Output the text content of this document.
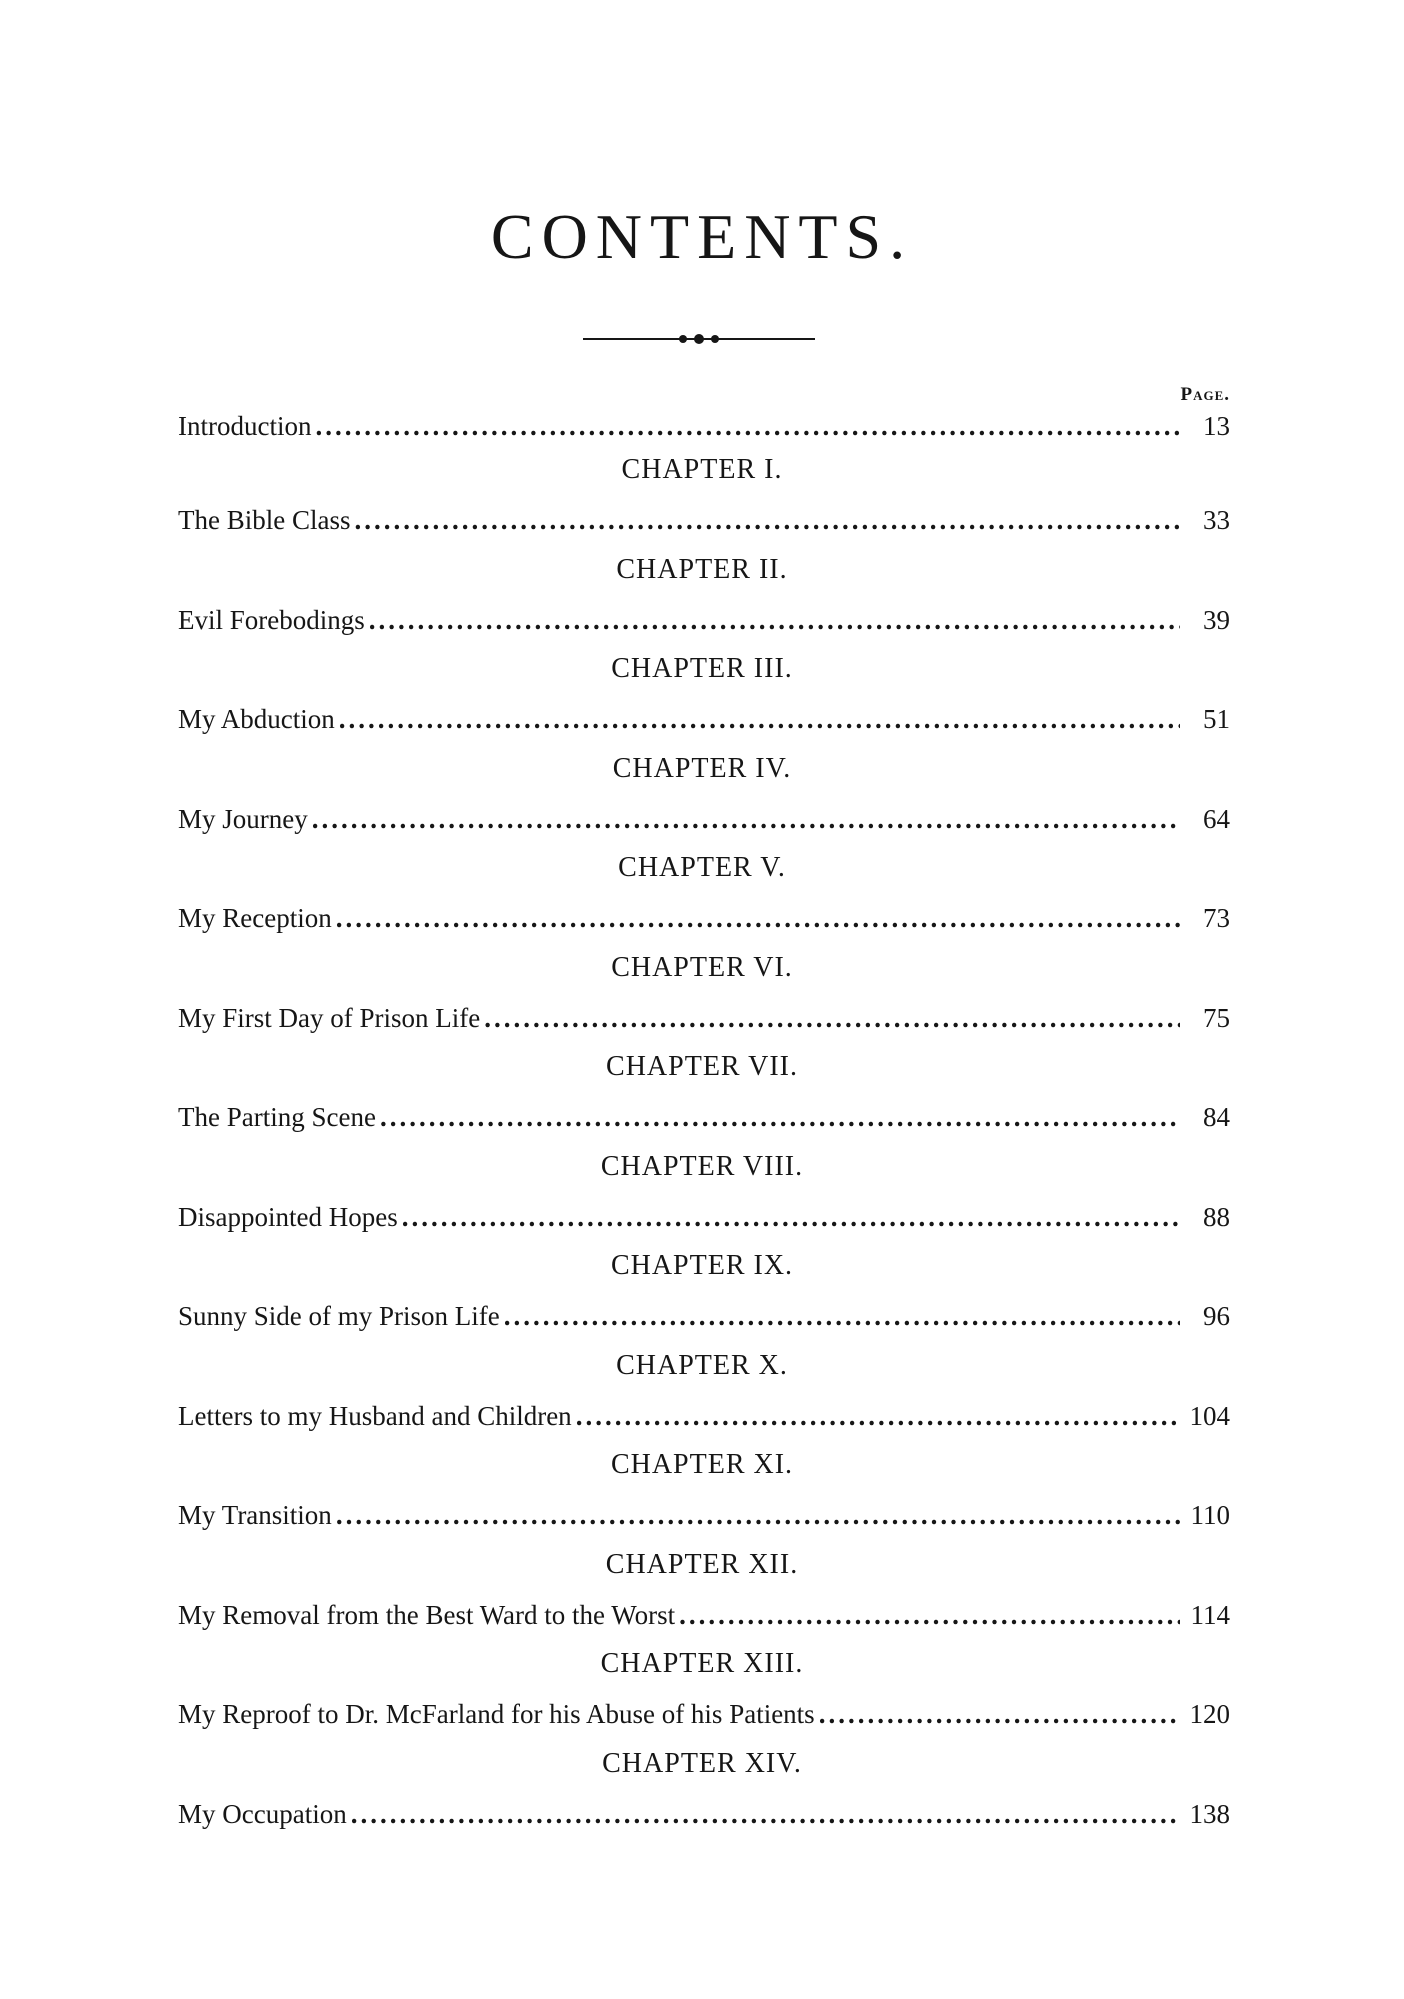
CONTENTS.
Page.
Introduction .....	13
CHAPTER I.
The Bible Class .....	33
CHAPTER II.
Evil Forebodings .....	39
CHAPTER III.
My Abduction .....	51
CHAPTER IV.
My Journey .....	64
CHAPTER V.
My Reception .....	73
CHAPTER VI.
My First Day of Prison Life .....	75
CHAPTER VII.
The Parting Scene .....	84
CHAPTER VIII.
Disappointed Hopes .....	88
CHAPTER IX.
Sunny Side of my Prison Life .....	96
CHAPTER X.
Letters to my Husband and Children .....	104
CHAPTER XI.
My Transition .....	110
CHAPTER XII.
My Removal from the Best Ward to the Worst .....	114
CHAPTER XIII.
My Reproof to Dr. McFarland for his Abuse of his Patients .....	120
CHAPTER XIV.
My Occupation .....	138
